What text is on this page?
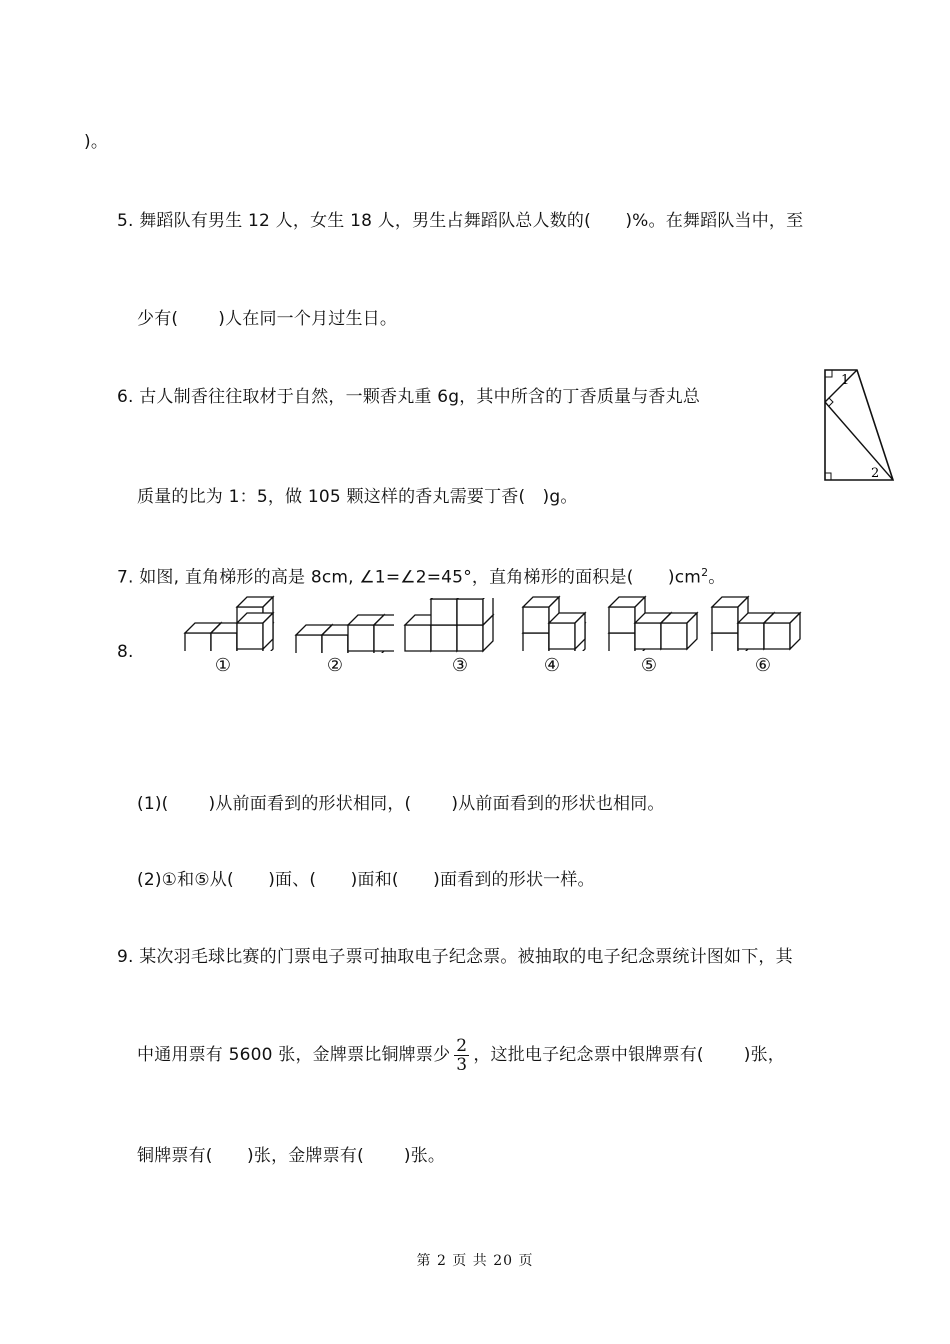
)。
5. 舞蹈队有男生 12 人，女生 18 人，男生占舞蹈队总人数的(　　)%。在舞蹈队当中，至
少有(　　 )人在同一个月过生日。
6. 古人制香往往取材于自然，一颗香丸重 6g，其中所含的丁香质量与香丸总
质量的比为 1：5，做 105 颗这样的香丸需要丁香(　)g。
7. 如图, 直角梯形的高是 8cm, ∠1=∠2=45°，直角梯形的面积是(　　)$cm^2$。
8.
(1)(　　 )从前面看到的形状相同，(　　 )从前面看到的形状也相同。
(2)①和⑤从(　　)面、(　　)面和(　　)面看到的形状一样。
9. 某次羽毛球比赛的门票电子票可抽取电子纪念票。被抽取的电子纪念票统计图如下，其
中通用票有 5600 张，金牌票比铜牌票少 $\frac{2}{3}$ ，这批电子纪念票中银牌票有(　　 )张，
铜牌票有(　　)张，金牌票有(　　 )张。
1
2
①	②	③	④	⑤	⑥
第 2 页 共 20 页
